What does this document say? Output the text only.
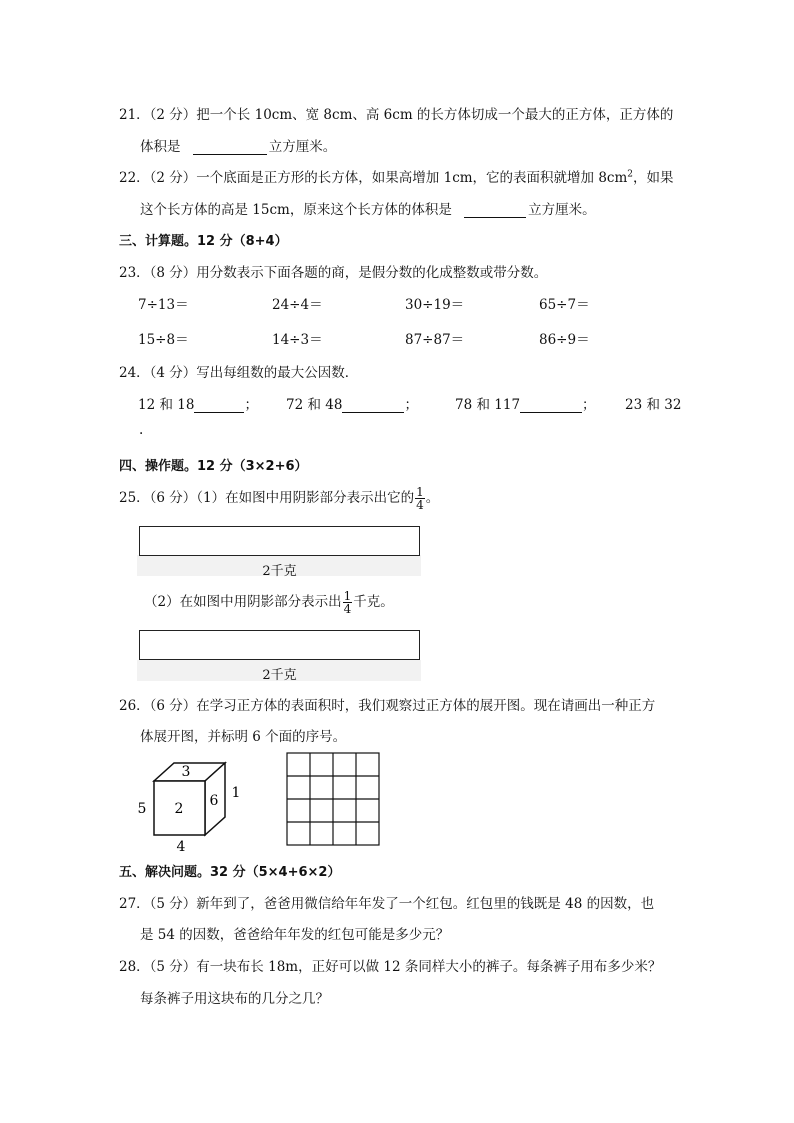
21．（2 分）把一个长 10cm、宽 8cm、高 6cm 的长方体切成一个最大的正方体，正方体的
体积是	立方厘米。
22．（2 分）一个底面是正方形的长方体，如果高增加 1cm，它的表面积就增加 $8cm^2$，如果
这个长方体的高是 15cm，原来这个长方体的体积是	立方厘米。
三、计算题。12 分（8+4）
23．（8 分）用分数表示下面各题的商，是假分数的化成整数或带分数。
7÷13＝	24÷4＝	30÷19＝	65÷7＝
15÷8＝	14÷3＝	87÷87＝	86÷9＝
24．（4 分）写出每组数的最大公因数．
12 和 18	； 72 和 48	；	78 和 117	； 23 和 32
.
四、操作题。12 分（3×2+6）
25．（6 分）（1）在如图中用阴影部分表示出它的 $\frac{1}{4}$ 。
2千克
（2）在如图中用阴影部分表示出 $\frac{1}{4}$ 千克。
2千克
26．（6 分）在学习正方体的表面积时，我们观察过正方体的展开图。现在请画出一种正方
体展开图，并标明 6 个面的序号。
3
2 6
5
1
4
五、解决问题。32 分（5×4+6×2）
27．（5 分）新年到了，爸爸用微信给年年发了一个红包。红包里的钱既是 48 的因数，也
是 54 的因数，爸爸给年年发的红包可能是多少元？
28．（5 分）有一块布长 18m，正好可以做 12 条同样大小的裤子。每条裤子用布多少米？
每条裤子用这块布的几分之几？
